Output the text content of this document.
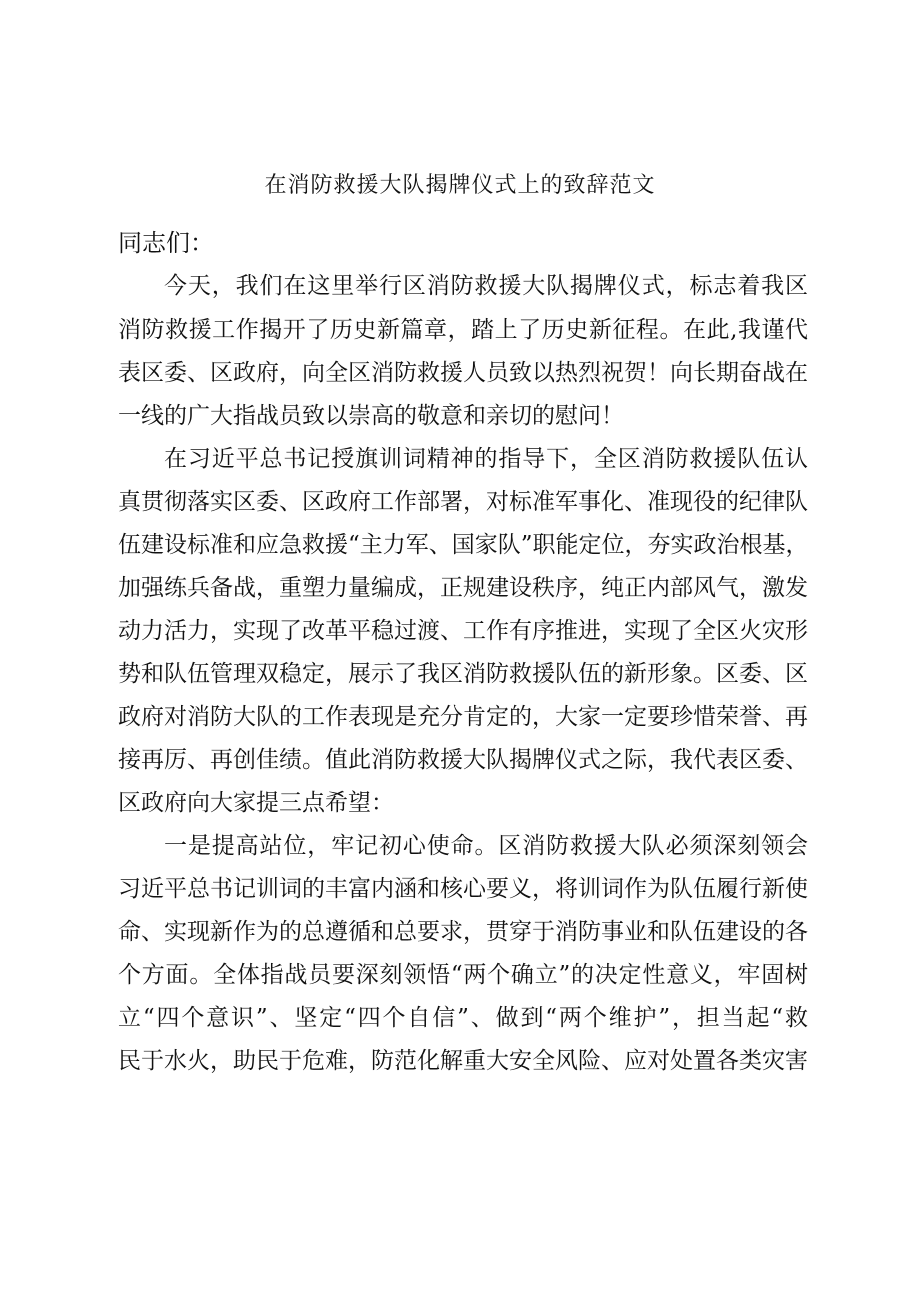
在消防救援大队揭牌仪式上的致辞范文

同志们：

今天，我们在这里举行区消防救援大队揭牌仪式，标志着我区

消防救援工作揭开了历史新篇章，踏上了历史新征程。在此,我谨代

表区委、区政府，向全区消防救援人员致以热烈祝贺！向长期奋战在

一线的广大指战员致以崇高的敬意和亲切的慰问！

在习近平总书记授旗训词精神的指导下，全区消防救援队伍认

真贯彻落实区委、区政府工作部署，对标准军事化、准现役的纪律队

伍建设标准和应急救援“主力军、国家队”职能定位，夯实政治根基，

加强练兵备战，重塑力量编成，正规建设秩序，纯正内部风气，激发

动力活力，实现了改革平稳过渡、工作有序推进，实现了全区火灾形

势和队伍管理双稳定，展示了我区消防救援队伍的新形象。区委、区

政府对消防大队的工作表现是充分肯定的，大家一定要珍惜荣誉、再

接再厉、再创佳绩。值此消防救援大队揭牌仪式之际，我代表区委、

区政府向大家提三点希望：

一是提高站位，牢记初心使命。区消防救援大队必须深刻领会

习近平总书记训词的丰富内涵和核心要义，将训词作为队伍履行新使

命、实现新作为的总遵循和总要求，贯穿于消防事业和队伍建设的各

个方面。全体指战员要深刻领悟“两个确立”的决定性意义，牢固树

立“四个意识”、坚定“四个自信”、做到“两个维护”，担当起“救

民于水火，助民于危难，防范化解重大安全风险、应对处置各类灾害
